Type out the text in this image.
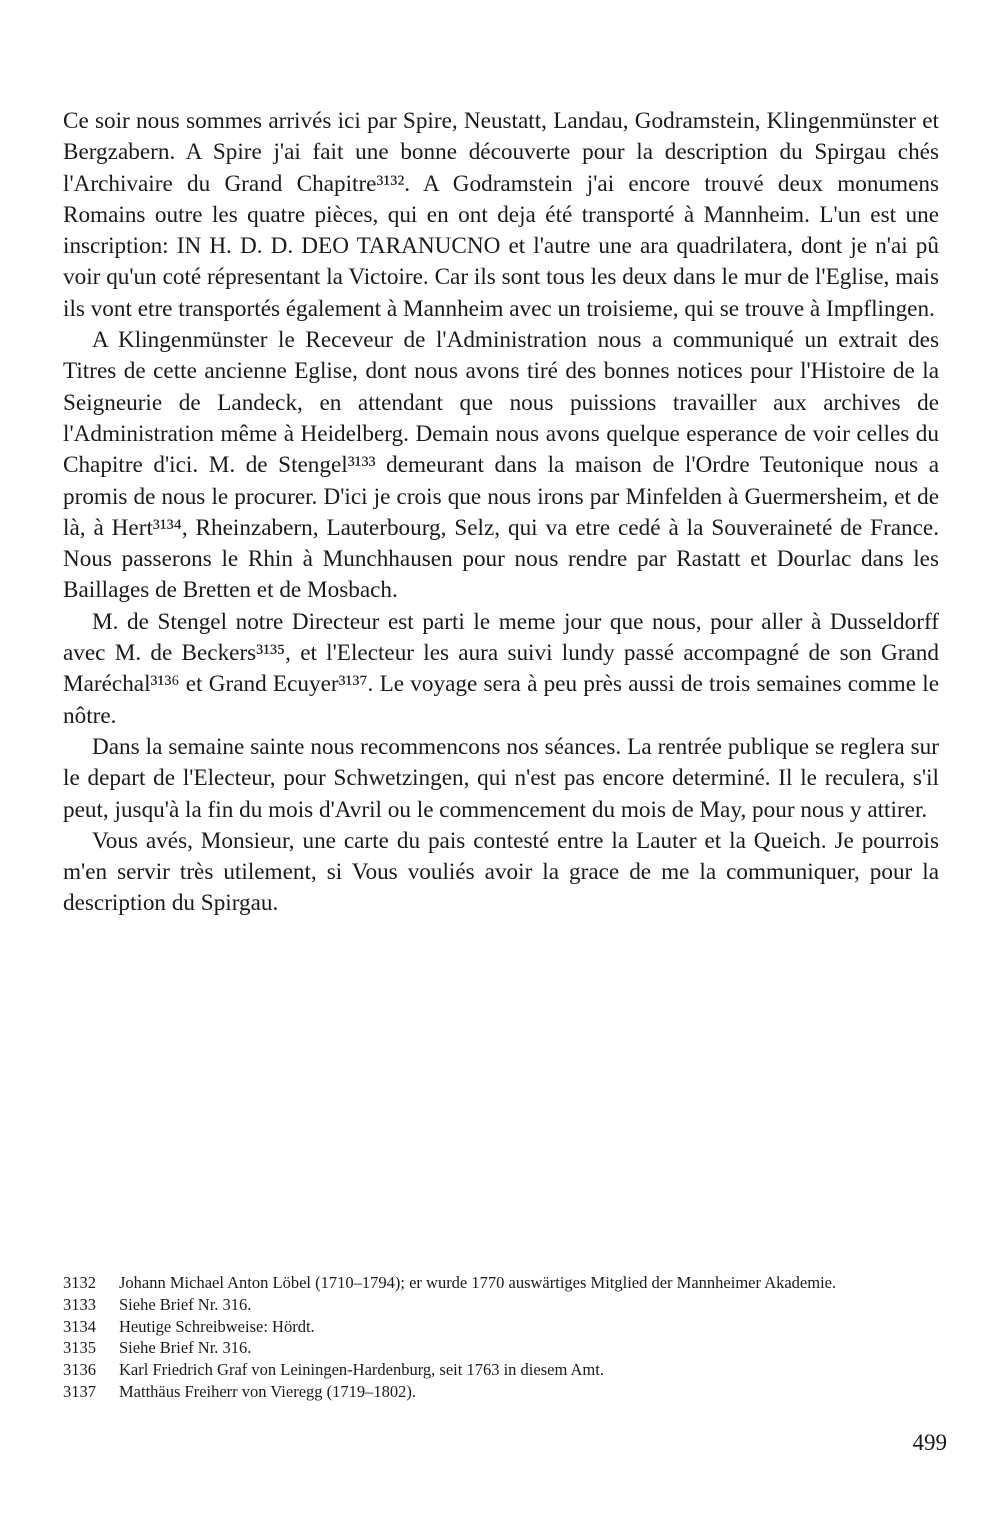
Ce soir nous sommes arrivés ici par Spire, Neustatt, Landau, Godramstein, Klingenmünster et Bergzabern. A Spire j'ai fait une bonne découverte pour la description du Spirgau chés l'Archivaire du Grand Chapitre³¹³². A Godramstein j'ai encore trouvé deux monumens Romains outre les quatre pièces, qui en ont deja été transporté à Mannheim. L'un est une inscription: IN H. D. D. DEO TARANUCNO et l'autre une ara quadrilatera, dont je n'ai pû voir qu'un coté répresentant la Victoire. Car ils sont tous les deux dans le mur de l'Eglise, mais ils vont etre transportés également à Mannheim avec un troisieme, qui se trouve à Impflingen.

A Klingenmünster le Receveur de l'Administration nous a communiqué un extrait des Titres de cette ancienne Eglise, dont nous avons tiré des bonnes notices pour l'Histoire de la Seigneurie de Landeck, en attendant que nous puissions travailler aux archives de l'Administration même à Heidelberg. Demain nous avons quelque esperance de voir celles du Chapitre d'ici. M. de Stengel³¹³³ demeurant dans la maison de l'Ordre Teutonique nous a promis de nous le procurer. D'ici je crois que nous irons par Minfelden à Guermersheim, et de là, à Hert³¹³⁴, Rheinzabern, Lauterbourg, Selz, qui va etre cedé à la Souveraineté de France. Nous passerons le Rhin à Munchhausen pour nous rendre par Rastatt et Dourlac dans les Baillages de Bretten et de Mosbach.

M. de Stengel notre Directeur est parti le meme jour que nous, pour aller à Dusseldorff avec M. de Beckers³¹³⁵, et l'Electeur les aura suivi lundy passé accompagné de son Grand Maréchal³¹³⁶ et Grand Ecuyer³¹³⁷. Le voyage sera à peu près aussi de trois semaines comme le nôtre.

Dans la semaine sainte nous recommencons nos séances. La rentrée publique se reglera sur le depart de l'Electeur, pour Schwetzingen, qui n'est pas encore determiné. Il le reculera, s'il peut, jusqu'à la fin du mois d'Avril ou le commencement du mois de May, pour nous y attirer.

Vous avés, Monsieur, une carte du pais contesté entre la Lauter et la Queich. Je pourrois m'en servir très utilement, si Vous vouliés avoir la grace de me la communiquer, pour la description du Spirgau.

3132	Johann Michael Anton Löbel (1710–1794); er wurde 1770 auswärtiges Mitglied der Mannheimer Akademie.
3133	Siehe Brief Nr. 316.
3134	Heutige Schreibweise: Hördt.
3135	Siehe Brief Nr. 316.
3136	Karl Friedrich Graf von Leiningen-Hardenburg, seit 1763 in diesem Amt.
3137	Matthäus Freiherr von Vieregg (1719–1802).
499
